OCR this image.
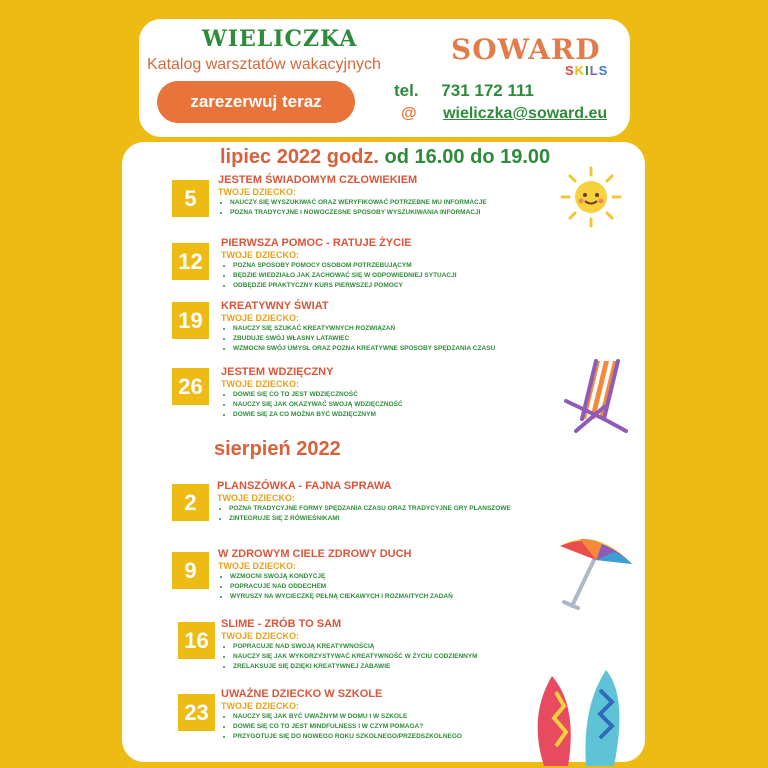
WIELICZKA
Katalog warsztatów wakacyjnych
zarezerwuj teraz
SOWARD
SKILS
tel. 731 172 111
@ wieliczka@soward.eu
lipiec 2022 godz. od 16.00 do 19.00
5
JESTEM ŚWIADOMYM CZŁOWIEKIEM
TWOJE DZIECKO:
• NAUCZY SIĘ WYSZUKIWAĆ ORAZ WERYFIKOWAĆ POTRZEBNE MU INFORMACJE
• POZNA TRADYCYJNE I NOWOCZESNE SPOSOBY WYSZUKIWANIA INFORMACJI
12
PIERWSZA POMOC - RATUJE ŻYCIE
TWOJE DZIECKO:
• POZNA SPOSOBY POMOCY OSOBOM POTRZEBUJĄCYM
• BĘDZIE WIEDZIAŁO JAK ZACHOWAĆ SIĘ W ODPOWIEDNIEJ SYTUACJI
• ODBĘDZIE PRAKTYCZNY KURS PIERWSZEJ POMOCY
19
KREATYWNY ŚWIAT
TWOJE DZIECKO:
• NAUCZY SIĘ SZUKAĆ KREATYWNYCH ROZWIĄZAŃ
• ZBUDUJE SWÓJ WŁASNY LATAWIEC
• WZMOCNI SWÓJ UMYSŁ ORAZ POZNA KREATYWNE SPOSOBY SPĘDZANIA CZASU
26
JESTEM WDZIĘCZNY
TWOJE DZIECKO:
• DOWIE SIĘ CO TO JEST WDZIĘCZNOŚĆ
• NAUCZY SIĘ JAK OKAZYWAĆ SWOJĄ WDZIĘCZNOŚĆ
• DOWIE SIĘ ZA CO MOŻNA BYĆ WDZIĘCZNYM
sierpień 2022
2
PLANSZÓWKA - FAJNA SPRAWA
TWOJE DZIECKO:
• POZNA TRADYCYJNE FORMY SPĘDZANIA CZASU ORAZ TRADYCYJNE GRY PLANSZOWE
• ZINTEGRUJE SIĘ Z RÓWIEŚNIKAMI
9
W ZDROWYM CIELE ZDROWY DUCH
TWOJE DZIECKO:
• WZMOCNI SWOJĄ KONDYCJĘ
• POPRACUJE NAD ODDECHEM
• WYRUSZY NA WYCIECZKĘ PEŁNĄ CIEKAWYCH I ROZMAITYCH ZADAŃ
16
SLIME - ZRÓB TO SAM
TWOJE DZIECKO:
• POPRACUJE NAD SWOJĄ KREATYWNOŚCIĄ
• NAUCZY SIĘ JAK WYKORZYSTYWAĆ KREATYWNOŚĆ W ŻYCIU CODZIENNYM
• ZRELAKSUJE SIĘ DZIĘKI KREATYWNEJ ZABAWIE
23
UWAŻNE DZIECKO W SZKOLE
TWOJE DZIECKO:
• NAUCZY SIĘ JAK BYĆ UWAŻNYM W DOMU I W SZKOLE
• DOWIE SIĘ CO TO JEST MINDFULNESS I W CZYM POMAGA?
• PRZYGOTUJE SIĘ DO NOWEGO ROKU SZKOLNEGO/PRZEDSZKOLNEGO
